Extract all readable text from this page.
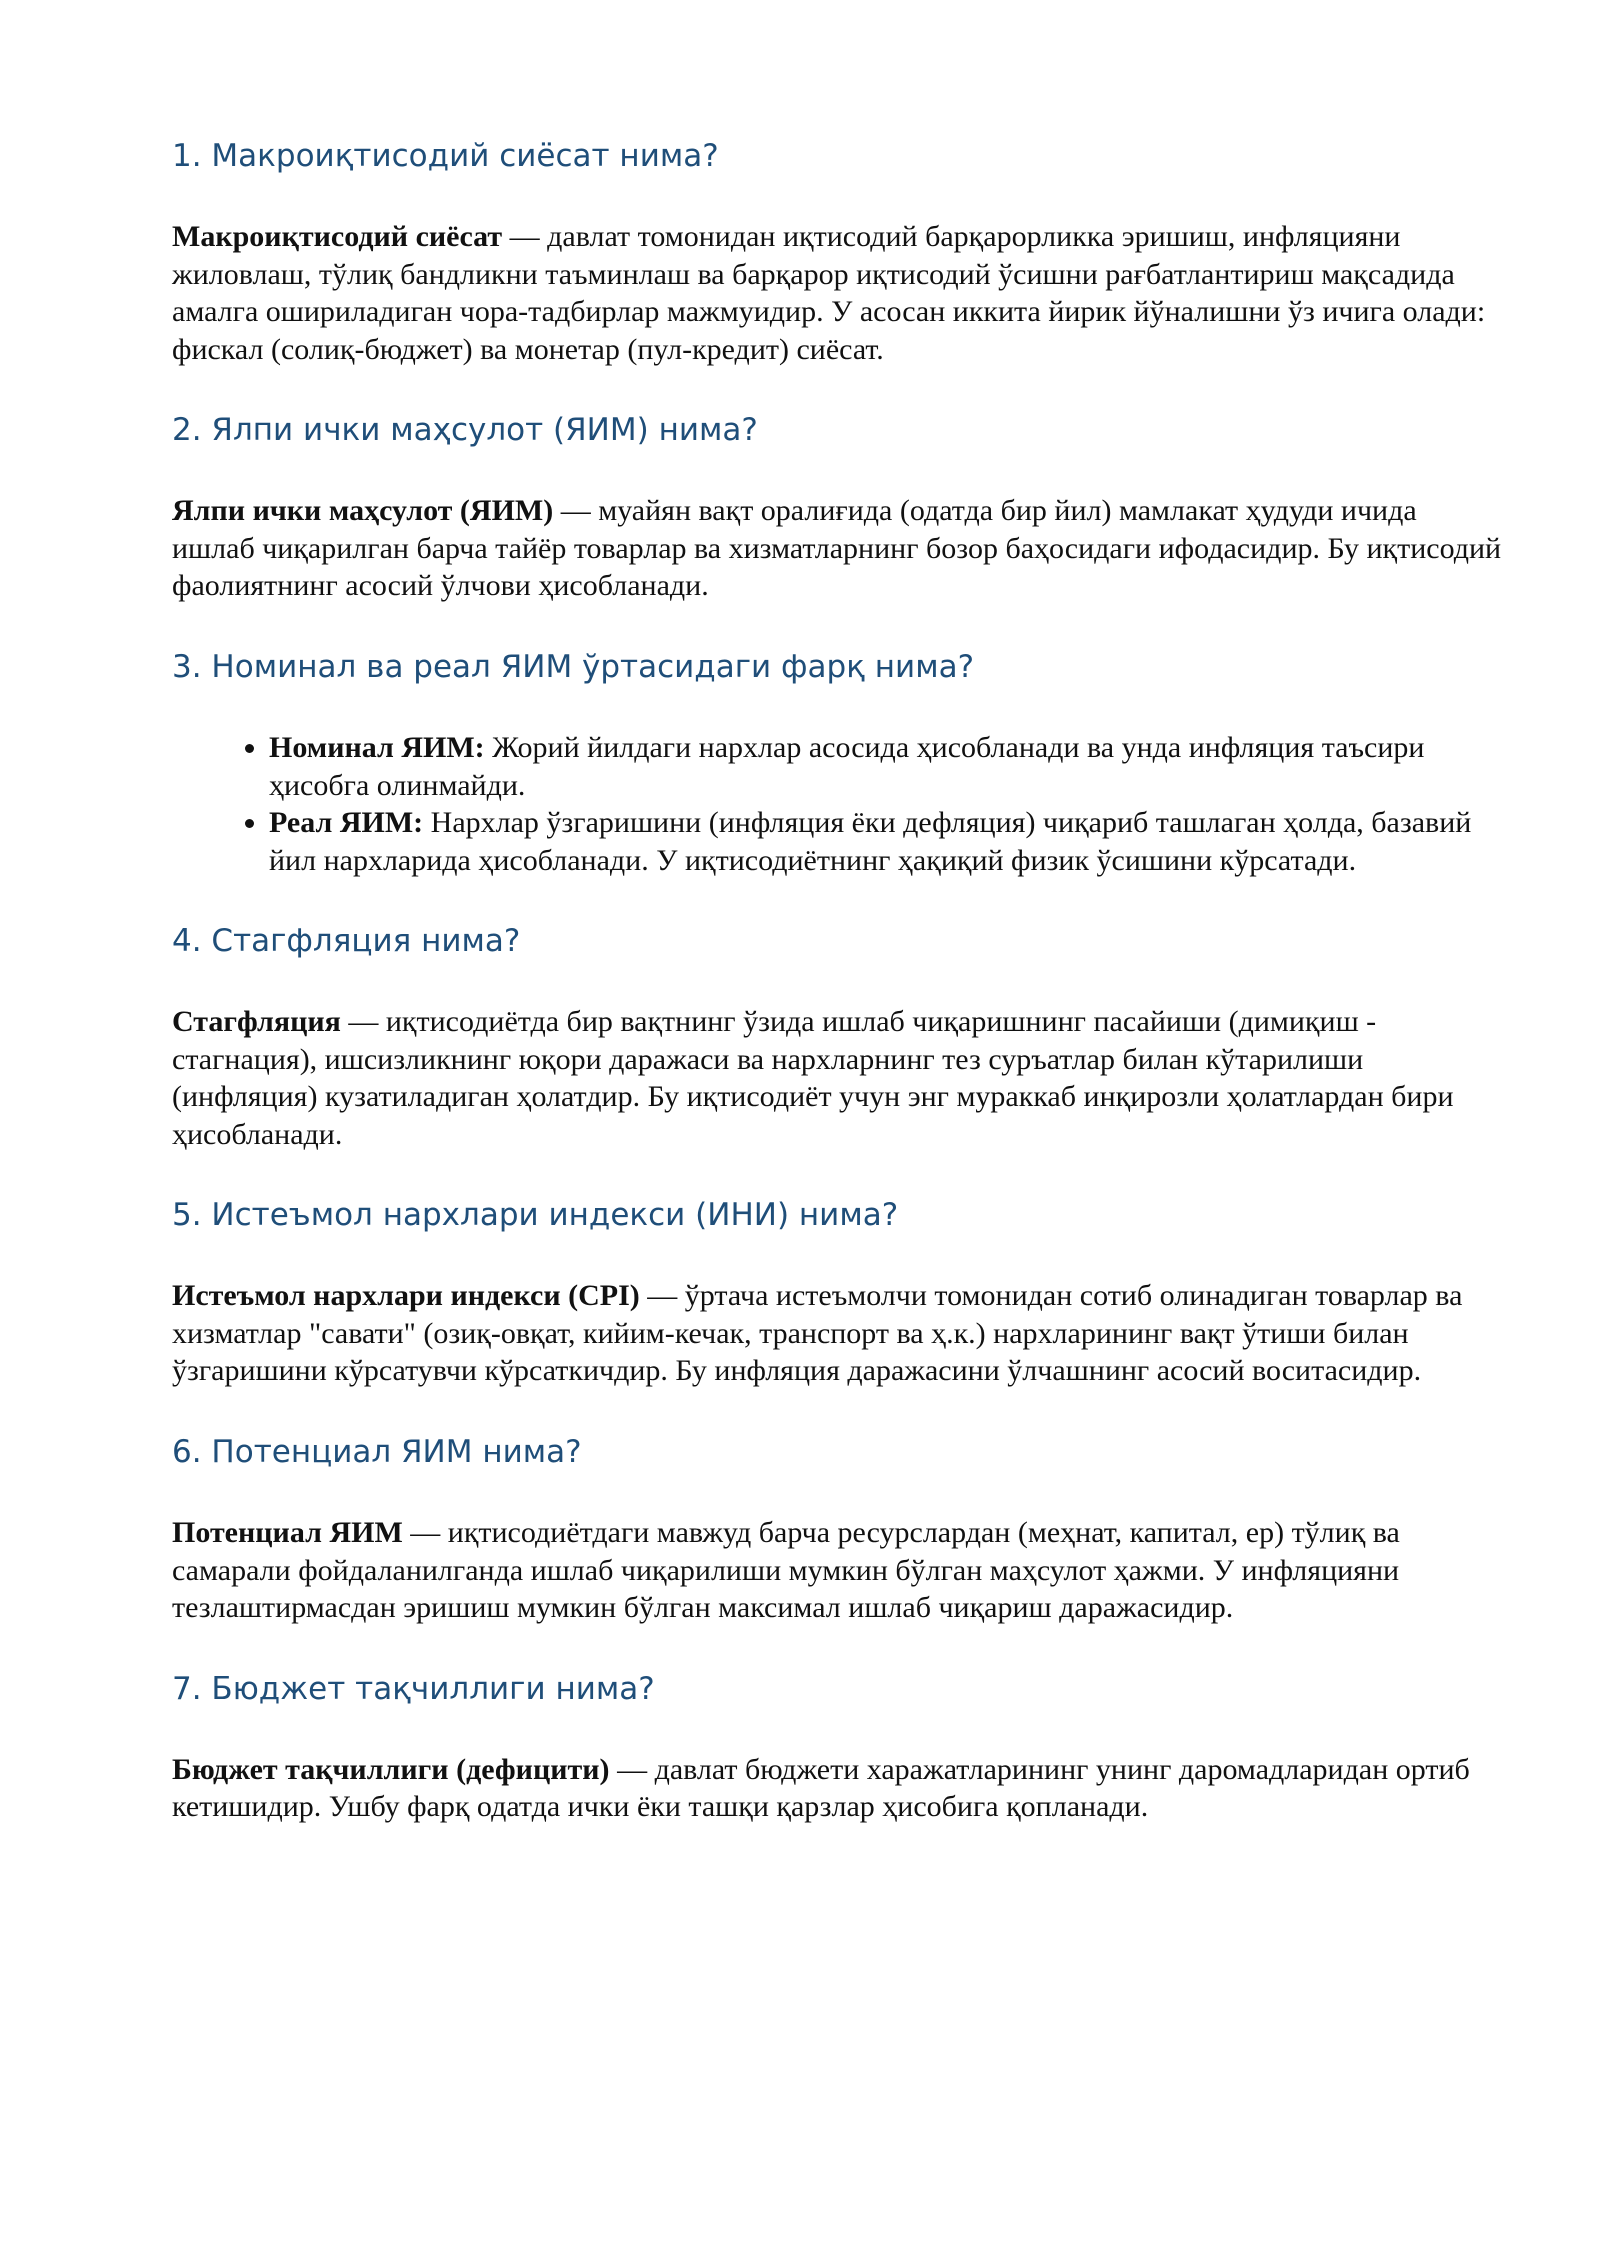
1. Макроиқтисодий сиёсат нима?

Макроиқтисодий сиёсат — давлат томонидан иқтисодий барқарорликка эришиш, инфляцияни жиловлаш, тўлиқ бандликни таъминлаш ва барқарор иқтисодий ўсишни рағбатлантириш мақсадида амалга ошириладиган чора-тадбирлар мажмуидир. У асосан иккита йирик йўналишни ўз ичига олади: фискал (солиқ-бюджет) ва монетар (пул-кредит) сиёсат.

2. Ялпи ички маҳсулот (ЯИМ) нима?

Ялпи ички маҳсулот (ЯИМ) — муайян вақт оралиғида (одатда бир йил) мамлакат ҳудуди ичида ишлаб чиқарилган барча тайёр товарлар ва хизматларнинг бозор баҳосидаги ифодасидир. Бу иқтисодий фаолиятнинг асосий ўлчови ҳисобланади.

3. Номинал ва реал ЯИМ ўртасидаги фарқ нима?
• Номинал ЯИМ: Жорий йилдаги нархлар асосида ҳисобланади ва унда инфляция таъсири ҳисобга олинмайди.
• Реал ЯИМ: Нархлар ўзгаришини (инфляция ёки дефляция) чиқариб ташлаган ҳолда, базавий йил нархларида ҳисобланади. У иқтисодиётнинг ҳақиқий физик ўсишини кўрсатади.
4. Стагфляция нима?

Стагфляция — иқтисодиётда бир вақтнинг ўзида ишлаб чиқаришнинг пасайиши (димиқиш - стагнация), ишсизликнинг юқори даражаси ва нархларнинг тез суръатлар билан кўтарилиши (инфляция) кузатиладиган ҳолатдир. Бу иқтисодиёт учун энг мураккаб инқирозли ҳолатлардан бири ҳисобланади.

5. Истеъмол нархлари индекси (ИНИ) нима?

Истеъмол нархлари индекси (CPI) — ўртача истеъмолчи томонидан сотиб олинадиган товарлар ва хизматлар "савати" (озиқ-овқат, кийим-кечак, транспорт ва ҳ.к.) нархларининг вақт ўтиши билан ўзгаришини кўрсатувчи кўрсаткичдир. Бу инфляция даражасини ўлчашнинг асосий воситасидир.

6. Потенциал ЯИМ нима?

Потенциал ЯИМ — иқтисодиётдаги мавжуд барча ресурслардан (меҳнат, капитал, ер) тўлиқ ва самарали фойдаланилганда ишлаб чиқарилиши мумкин бўлган маҳсулот ҳажми. У инфляцияни тезлаштирмасдан эришиш мумкин бўлган максимал ишлаб чиқариш даражасидир.

7. Бюджет тақчиллиги нима?

Бюджет тақчиллиги (дефицити) — давлат бюджети харажатларининг унинг даромадларидан ортиб кетишидир. Ушбу фарқ одатда ички ёки ташқи қарзлар ҳисобига қопланади.
